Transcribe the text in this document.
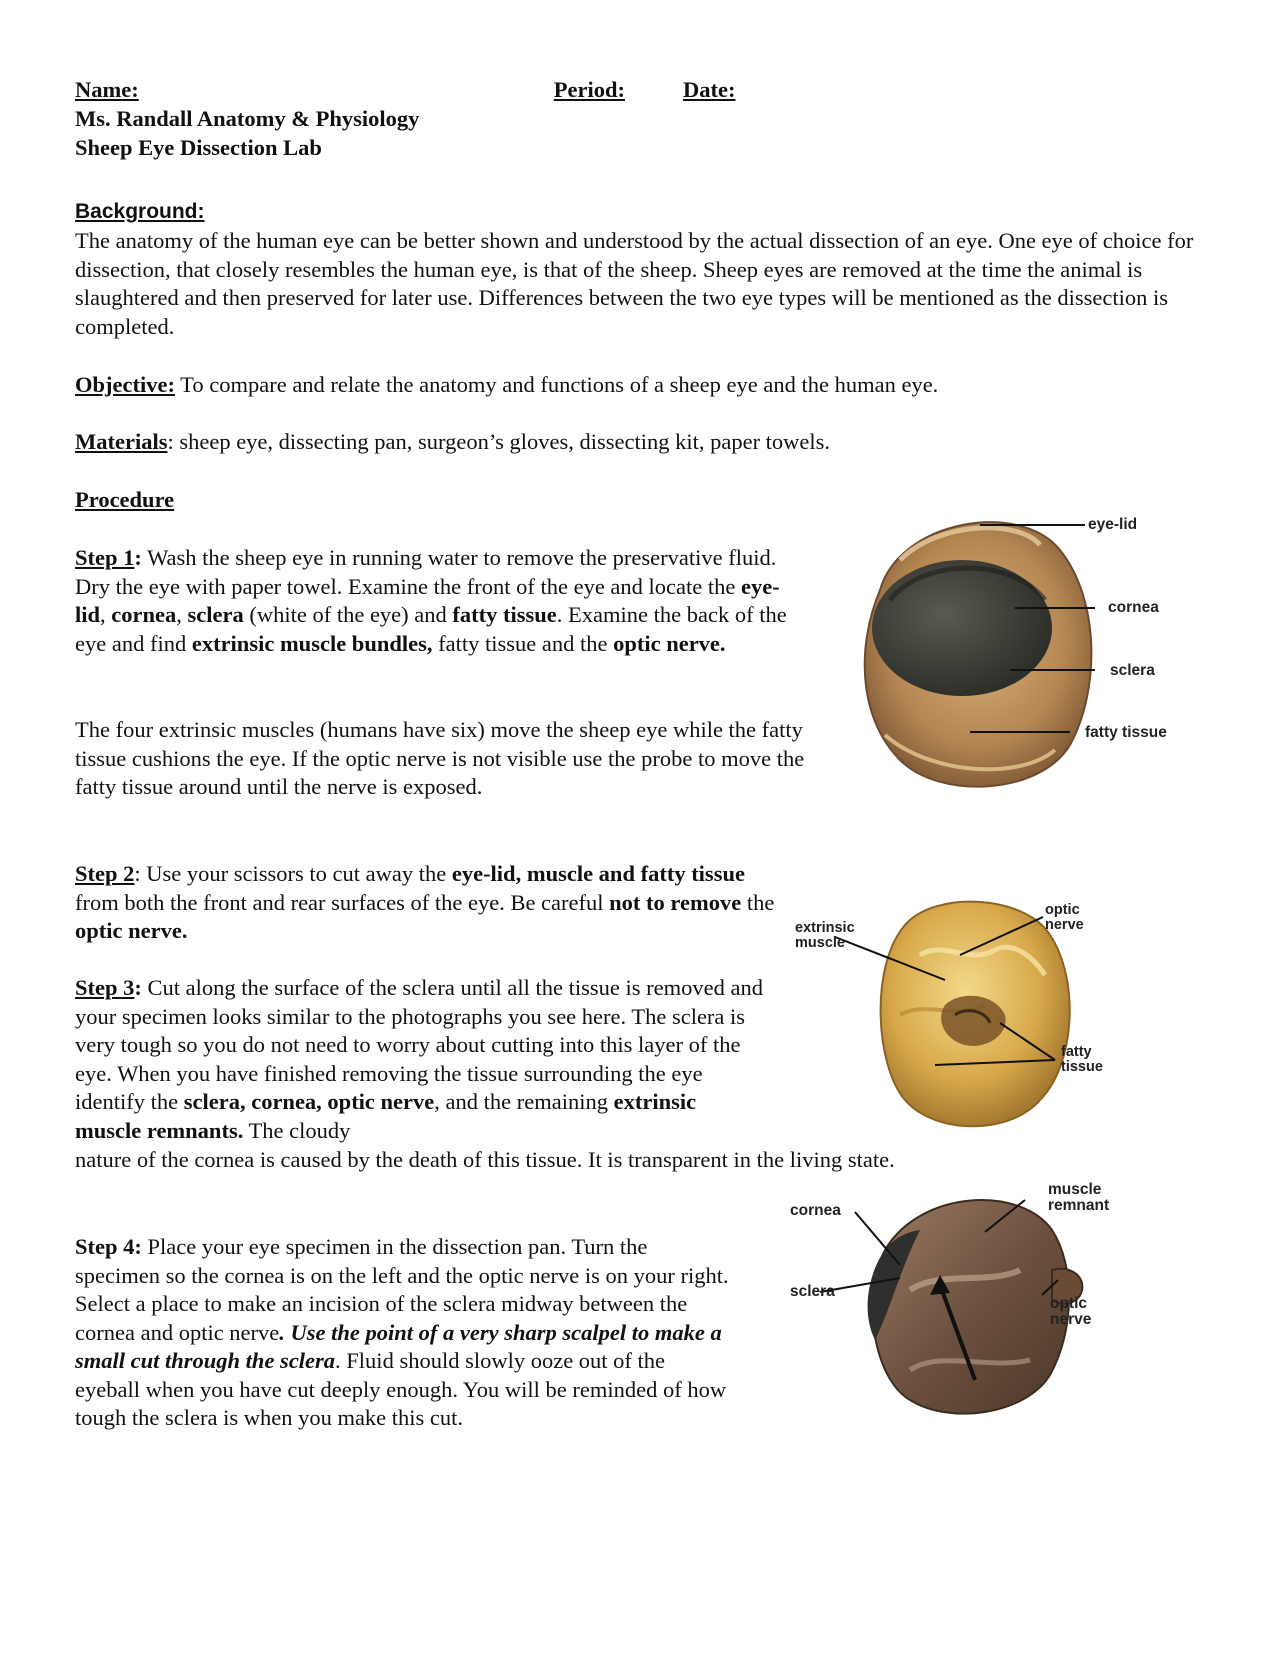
Name:	Period:	Date:
Ms. Randall Anatomy & Physiology
Sheep Eye Dissection Lab
Background:

The anatomy of the human eye can be better shown and understood by the actual dissection of an eye. One eye of choice for dissection, that closely resembles the human eye, is that of the sheep. Sheep eyes are removed at the time the animal is slaughtered and then preserved for later use. Differences between the two eye types will be mentioned as the dissection is completed.

Objective: To compare and relate the anatomy and functions of a sheep eye and the human eye.

Materials: sheep eye, dissecting pan, surgeon’s gloves, dissecting kit, paper towels.

Procedure

Step 1: Wash the sheep eye in running water to remove the preservative fluid. Dry the eye with paper towel. Examine the front of the eye and locate the eye-lid, cornea, sclera (white of the eye) and fatty tissue. Examine the back of the eye and find extrinsic muscle bundles, fatty tissue and the optic nerve.

The four extrinsic muscles (humans have six) move the sheep eye while the fatty tissue cushions the eye. If the optic nerve is not visible use the probe to move the fatty tissue around until the nerve is exposed.

Step 2: Use your scissors to cut away the eye-lid, muscle and fatty tissue from both the front and rear surfaces of the eye. Be careful not to remove the optic nerve.

Step 3: Cut along the surface of the sclera until all the tissue is removed and your specimen looks similar to the photographs you see here. The sclera is very tough so you do not need to worry about cutting into this layer of the eye. When you have finished removing the tissue surrounding the eye identify the sclera, cornea, optic nerve, and the remaining extrinsic muscle remnants. The cloudy

nature of the cornea is caused by the death of this tissue. It is transparent in the living state.

Step 4: Place your eye specimen in the dissection pan. Turn the specimen so the cornea is on the left and the optic nerve is on your right. Select a place to make an incision of the sclera midway between the cornea and optic nerve. Use the point of a very sharp scalpel to make a small cut through the sclera. Fluid should slowly ooze out of the eyeball when you have cut deeply enough. You will be reminded of how tough the sclera is when you make this cut.

eye-lid
cornea
sclera
fatty tissue
extrinsic
muscle
optic
nerve
fatty
tissue
cornea
sclera
muscle
remnant
optic
nerve
